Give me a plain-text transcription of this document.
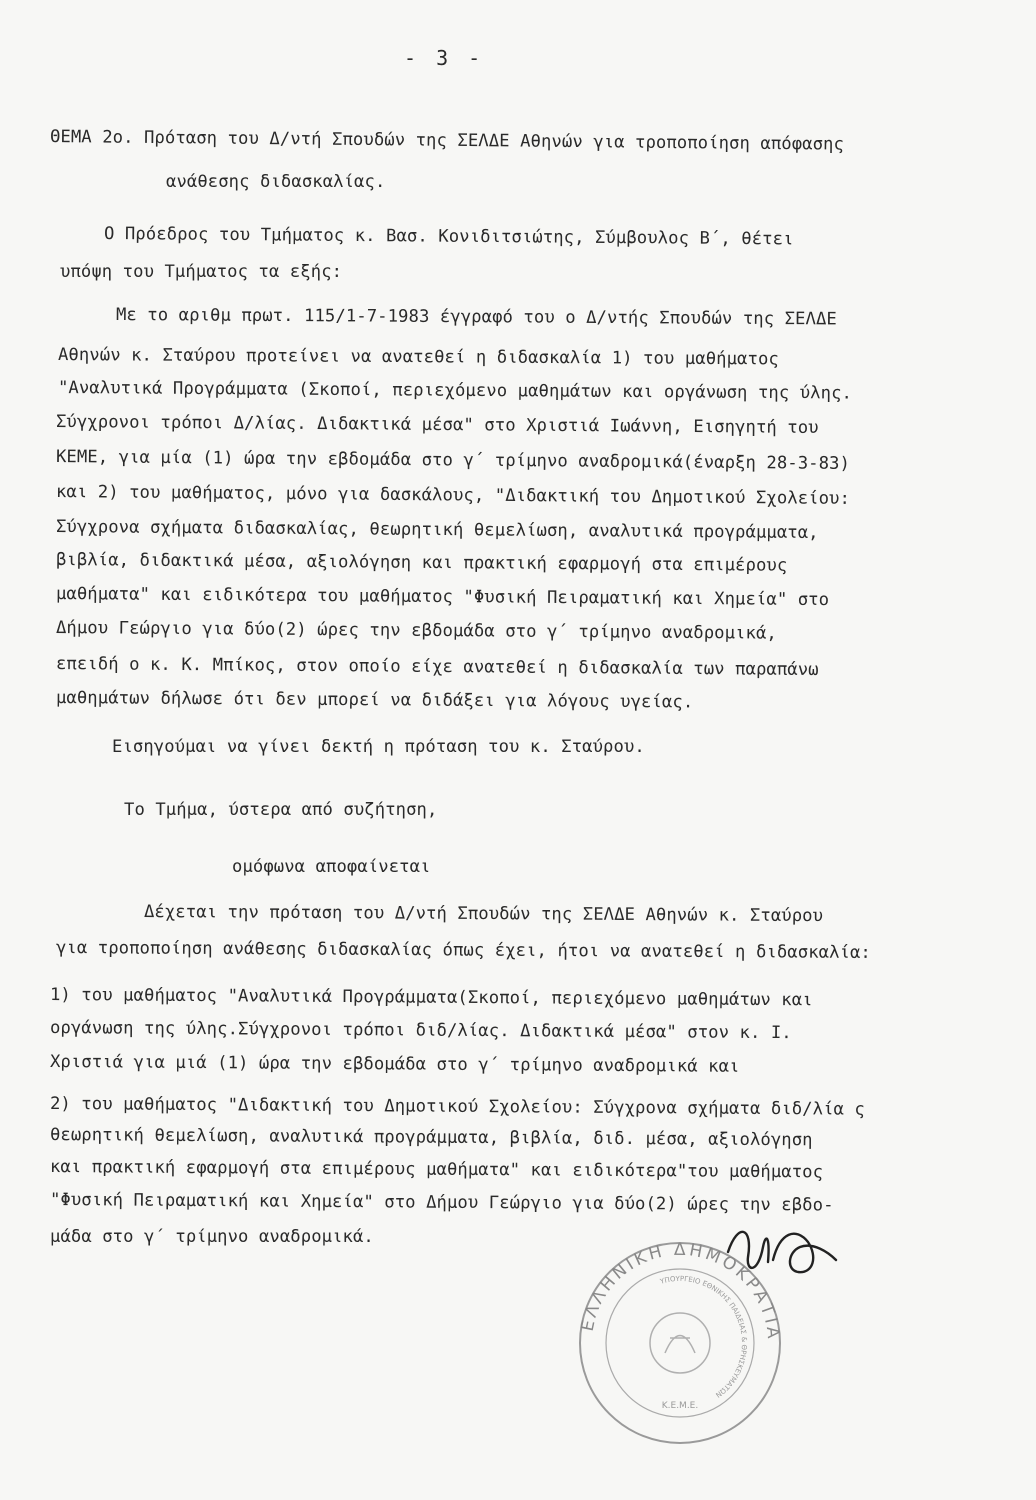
- 3 -
ΘΕΜΑ 2ο. Πρόταση του Δ/ντή Σπουδών της ΣΕΛΔΕ Αθηνών για τροποποίηση απόφασης
ανάθεσης διδασκαλίας.
Ο Πρόεδρος του Τμήματος κ. Βασ. Κονιδιτσιώτης, Σύμβουλος Β΄, θέτει
υπόψη του Τμήματος τα εξής:
Με το αριθμ πρωτ. 115/1-7-1983 έγγραφό του ο Δ/ντής Σπουδών της ΣΕΛΔΕ
Αθηνών κ. Σταύρου προτείνει να ανατεθεί η διδασκαλία 1) του μαθήματος
"Αναλυτικά Προγράμματα (Σκοποί, περιεχόμενο μαθημάτων και οργάνωση της ύλης.
Σύγχρονοι τρόποι Δ/λίας. Διδακτικά μέσα" στο Χριστιά Ιωάννη, Εισηγητή του
ΚΕΜΕ, για μία (1) ώρα την εβδομάδα στο γ΄ τρίμηνο αναδρομικά(έναρξη 28-3-83)
και 2) του μαθήματος, μόνο για δασκάλους, "Διδακτική του Δημοτικού Σχολείου:
Σύγχρονα σχήματα διδασκαλίας, θεωρητική θεμελίωση, αναλυτικά προγράμματα,
βιβλία, διδακτικά μέσα, αξιολόγηση και πρακτική εφαρμογή στα επιμέρους
μαθήματα" και ειδικότερα του μαθήματος "Φυσική Πειραματική και Χημεία" στο
Δήμου Γεώργιο για δύο(2) ώρες την εβδομάδα στο γ΄ τρίμηνο αναδρομικά,
επειδή ο κ. Κ. Μπίκος, στον οποίο είχε ανατεθεί η διδασκαλία των παραπάνω
μαθημάτων δήλωσε ότι δεν μπορεί να διδάξει για λόγους υγείας.
Εισηγούμαι να γίνει δεκτή η πρόταση του κ. Σταύρου.
Το Τμήμα, ύστερα από συζήτηση,
ομόφωνα αποφαίνεται
Δέχεται την πρόταση του Δ/ντή Σπουδών της ΣΕΛΔΕ Αθηνών κ. Σταύρου
για τροποποίηση ανάθεσης διδασκαλίας όπως έχει, ήτοι να ανατεθεί η διδασκαλία:
1) του μαθήματος "Αναλυτικά Προγράμματα(Σκοποί, περιεχόμενο μαθημάτων και
οργάνωση της ύλης.Σύγχρονοι τρόποι διδ/λίας. Διδακτικά μέσα" στον κ. Ι.
Χριστιά για μιά (1) ώρα την εβδομάδα στο γ΄ τρίμηνο αναδρομικά και
2) του μαθήματος "Διδακτική του Δημοτικού Σχολείου: Σύγχρονα σχήματα διδ/λία ς
θεωρητική θεμελίωση, αναλυτικά προγράμματα, βιβλία, διδ. μέσα, αξιολόγηση
και πρακτική εφαρμογή στα επιμέρους μαθήματα" και ειδικότερα"του μαθήματος
"Φυσική Πειραματική και Χημεία" στο Δήμου Γεώργιο για δύο(2) ώρες την εβδο-
μάδα στο γ΄ τρίμηνο αναδρομικά.
ΕΛΛΗΝΙΚΗ ΔΗΜΟΚΡΑΤΙΑ
ΥΠΟΥΡΓΕΙΟ ΕΘΝΙΚΗΣ ΠΑΙΔΕΙΑΣ & ΘΡΗΣΚΕΥΜΑΤΩΝ
Κ.Ε.Μ.Ε.
